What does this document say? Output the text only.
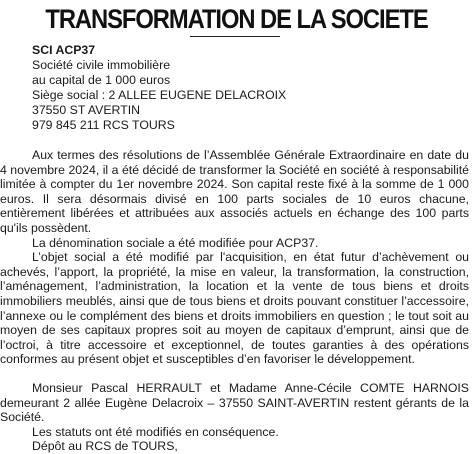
TRANSFORMATION DE LA SOCIETE
SCI ACP37
Société civile immobilière
au capital de 1 000 euros
Siège social : 2 ALLEE EUGENE DELACROIX
37550 ST AVERTIN
979 845 211 RCS TOURS

Aux termes des résolutions de l’Assemblée Générale Extraordinaire en date du 4 novembre 2024, il a été décidé de transformer la Société en société à responsabilité limitée à compter du 1er novembre 2024. Son capital reste fixé à la somme de 1 000 euros. Il sera désormais divisé en 100 parts sociales de 10 euros chacune, entièrement libérées et attribuées aux associés actuels en échange des 100 parts qu'ils possèdent.

La dénomination sociale a été modifiée pour ACP37.

L’objet social a été modifié par l'acquisition, en état futur d’achèvement ou achevés, l’apport, la propriété, la mise en valeur, la transformation, la construction, l’aménagement, l’administration, la location et la vente de tous biens et droits immobiliers meublés, ainsi que de tous biens et droits pouvant constituer l’accessoire, l’annexe ou le complément des biens et droits immobiliers en question ; le tout soit au moyen de ses capitaux propres soit au moyen de capitaux d’emprunt, ainsi que de l’octroi, à titre accessoire et exceptionnel, de toutes garanties à des opérations conformes au présent objet et susceptibles d’en favoriser le développement.

Monsieur Pascal HERRAULT et Madame Anne-Cécile COMTE HARNOIS demeurant 2 allée Eugène Delacroix – 37550 SAINT-AVERTIN restent gérants de la Société.

Les statuts ont été modifiés en conséquence.

Dépôt au RCS de TOURS,
